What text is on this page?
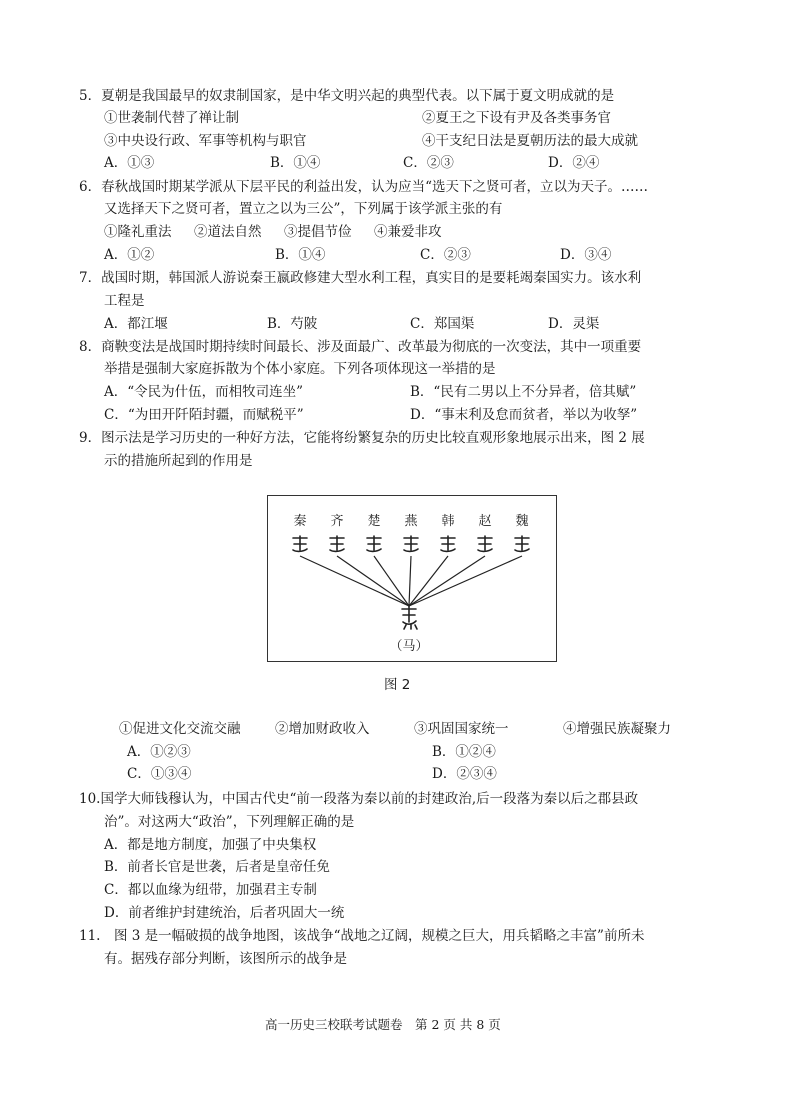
5．夏朝是我国最早的奴隶制国家，是中华文明兴起的典型代表。以下属于夏文明成就的是
①世袭制代替了禅让制	②夏王之下设有尹及各类事务官
③中央设行政、军事等机构与职官	④干支纪日法是夏朝历法的最大成就
A．①③	B．①④	C．②③	D．②④
6．春秋战国时期某学派从下层平民的利益出发，认为应当“选天下之贤可者，立以为天子。……
又选择天下之贤可者，置立之以为三公”，下列属于该学派主张的有
①隆礼重法 ②道法自然 ③提倡节俭 ④兼爱非攻
A．①②	B．①④	C．②③	D．③④
7．战国时期，韩国派人游说秦王嬴政修建大型水利工程，真实目的是要耗竭秦国实力。该水利
工程是
A．都江堰	B．芍陂	C．郑国渠	D．灵渠
8．商鞅变法是战国时期持续时间最长、涉及面最广、改革最为彻底的一次变法，其中一项重要
举措是强制大家庭拆散为个体小家庭。下列各项体现这一举措的是
A．“令民为什伍，而相牧司连坐”	B．“民有二男以上不分异者，倍其赋”
C．“为田开阡陌封疆，而赋税平”	D．“事末利及怠而贫者，举以为收孥”
9．图示法是学习历史的一种好方法，它能将纷繁复杂的历史比较直观形象地展示出来，图 2 展
示的措施所起到的作用是
秦 齐 楚 燕 韩 赵 魏
（马）
图 2
①促进文化交流交融	②增加财政收入	③巩固国家统一	④增强民族凝聚力
A．①②③	B．①②④
C．①③④	D．②③④
10.国学大师钱穆认为，中国古代史“前一段落为秦以前的封建政治,后一段落为秦以后之郡县政
治”。对这两大“政治”，下列理解正确的是
A．都是地方制度，加强了中央集权
B．前者长官是世袭，后者是皇帝任免
C．都以血缘为纽带，加强君主专制
D．前者维护封建统治，后者巩固大一统
11.　图 3 是一幅破损的战争地图，该战争“战地之辽阔，规模之巨大，用兵韬略之丰富”前所未
有。据残存部分判断，该图所示的战争是
高一历史三校联考试题卷　第 2 页 共 8 页
